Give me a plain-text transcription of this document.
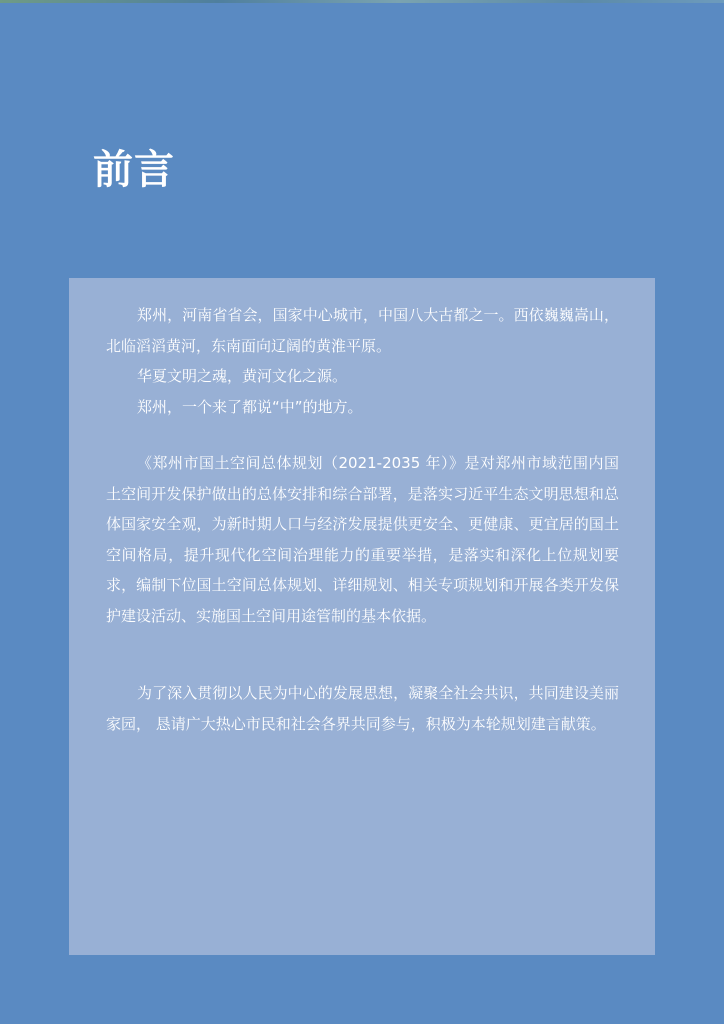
前言

郑州，河南省省会，国家中心城市，中国八大古都之一。西依巍巍嵩山，北临滔滔黄河，东南面向辽阔的黄淮平原。

华夏文明之魂，黄河文化之源。

郑州，一个来了都说“中”的地方。

《郑州市国土空间总体规划（2021-2035 年）》是对郑州市域范围内国土空间开发保护做出的总体安排和综合部署，是落实习近平生态文明思想和总体国家安全观，为新时期人口与经济发展提供更安全、更健康、更宜居的国土空间格局，提升现代化空间治理能力的重要举措，是落实和深化上位规划要求，编制下位国土空间总体规划、详细规划、相关专项规划和开展各类开发保护建设活动、实施国土空间用途管制的基本依据。

为了深入贯彻以人民为中心的发展思想，凝聚全社会共识，共同建设美丽家园， 恳请广大热心市民和社会各界共同参与，积极为本轮规划建言献策。
